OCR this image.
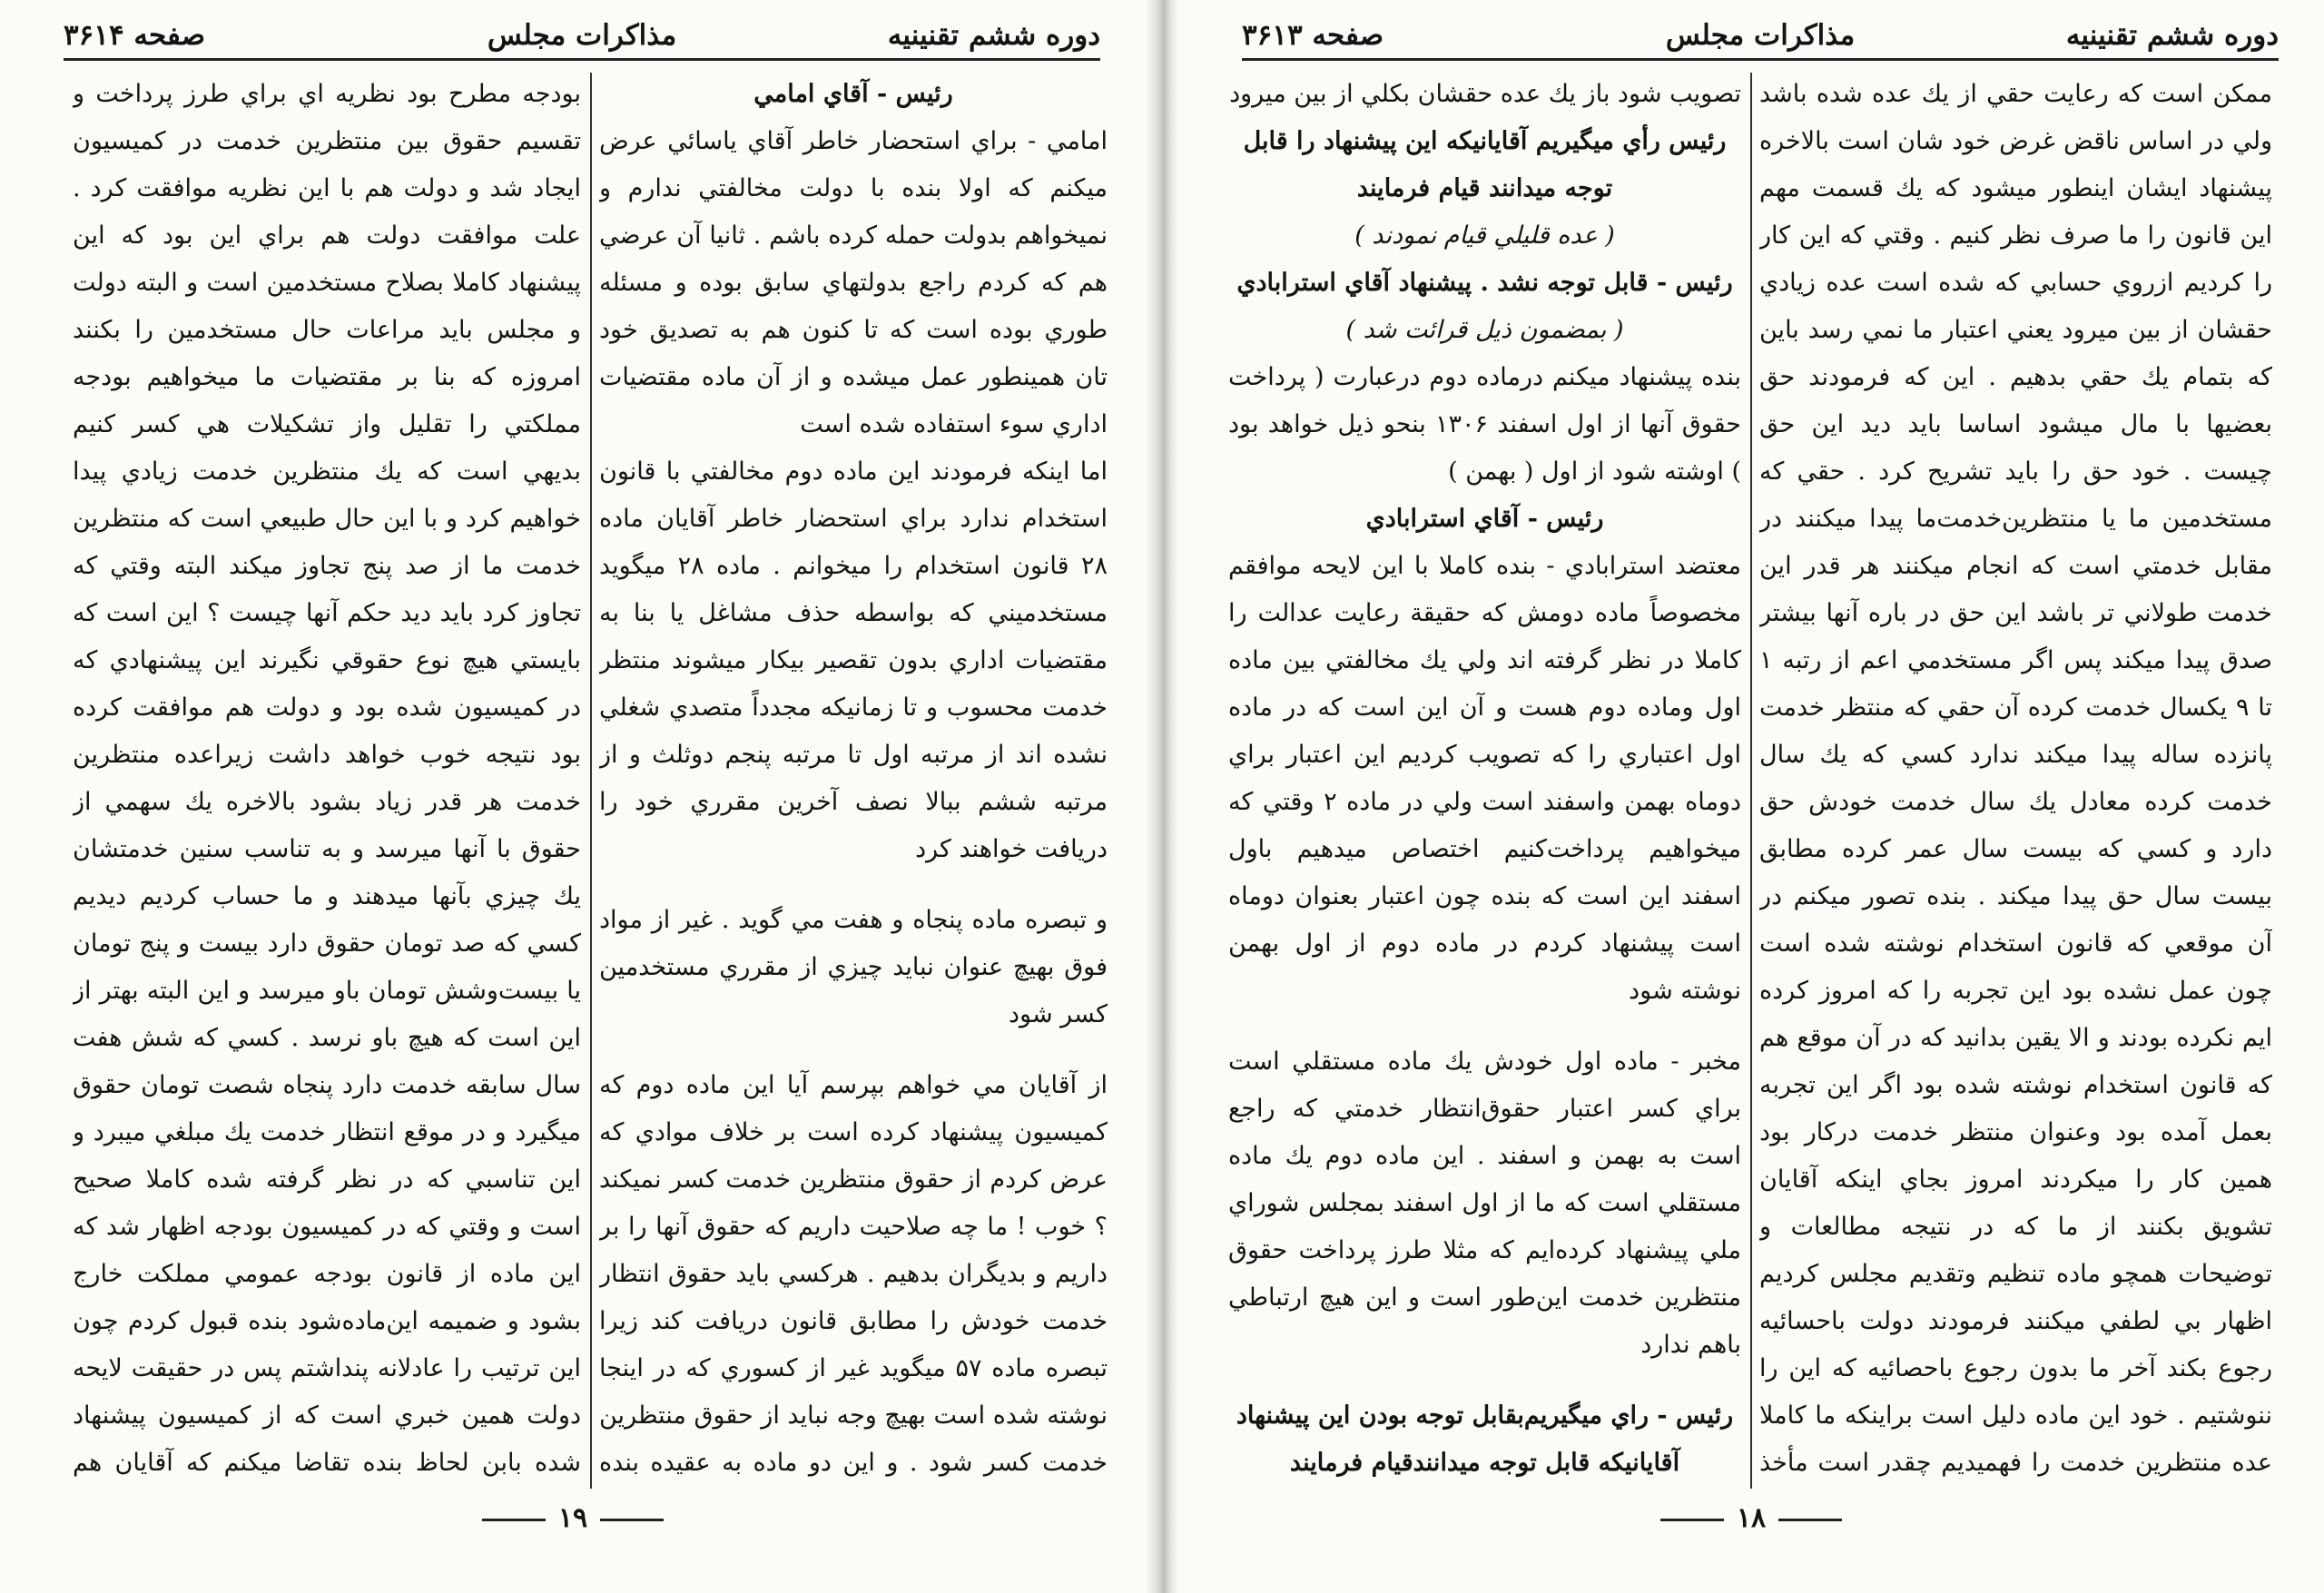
صفحه ۳۶۱۴	مذاكرات مجلس	دوره ششم تقنينيه

رئيس - آقاي امامي

امامي - براي استحضار خاطر آقاي ياسائي عرض ميكنم كه اولا بنده با دولت مخالفتي ندارم و نميخواهم بدولت حمله كرده باشم . ثانيا آن عرضي هم كه كردم راجع بدولتهاي سابق بوده و مسئله طوري بوده است كه تا كنون هم به تصديق خود تان همينطور عمل ميشده و از آن ماده مقتضيات اداري سوء استفاده شده است

اما اينكه فرمودند اين ماده دوم مخالفتي با قانون استخدام ندارد براي استحضار خاطر آقايان ماده ۲۸ قانون استخدام را ميخوانم . ماده ۲۸ ميگويد مستخدميني كه بواسطه حذف مشاغل يا بنا به مقتضيات اداري بدون تقصير بيكار ميشوند منتظر خدمت محسوب و تا زمانيكه مجدداً متصدي شغلي نشده اند از مرتبه اول تا مرتبه پنجم دوثلث و از مرتبه ششم ببالا نصف آخرين مقرري خود را دريافت خواهند كرد

و تبصره ماده پنجاه و هفت مي گويد . غير از مواد فوق بهيچ عنوان نبايد چيزي از مقرري مستخدمين كسر شود

از آقايان مي خواهم بپرسم آيا اين ماده دوم كه كميسيون پيشنهاد كرده است بر خلاف موادي كه عرض كردم از حقوق منتظرين خدمت كسر نميكند ؟ خوب ! ما چه صلاحيت داريم كه حقوق آنها را بر داريم و بديگران بدهيم . هركسي بايد حقوق انتظار خدمت خودش را مطابق قانون دريافت كند زيرا تبصره ماده ۵۷ ميگويد غير از كسوري كه در اينجا نوشته شده است بهيچ وجه نبايد از حقوق منتظرين خدمت كسر شود . و اين دو ماده به عقيده بنده

بودجه مطرح بود نظريه اي براي طرز پرداخت و تقسيم حقوق بين منتظرين خدمت در كميسيون ايجاد شد و دولت هم با اين نظريه موافقت كرد . علت موافقت دولت هم براي اين بود كه اين پيشنهاد كاملا بصلاح مستخدمين است و البته دولت و مجلس بايد مراعات حال مستخدمين را بكنند امروزه كه بنا بر مقتضيات ما ميخواهيم بودجه مملكتي را تقليل واز تشكيلات هي كسر كنيم بديهي است كه يك منتظرين خدمت زيادي پيدا خواهيم كرد و با اين حال طبيعي است كه منتظرين خدمت ما از صد پنج تجاوز ميكند البته وقتي كه تجاوز كرد بايد ديد حكم آنها چيست ؟ اين است كه بايستي هيچ نوع حقوقي نگيرند اين پيشنهادي كه در كميسيون شده بود و دولت هم موافقت كرده بود نتيجه خوب خواهد داشت زيراعده منتظرين خدمت هر قدر زياد بشود بالاخره يك سهمي از حقوق با آنها ميرسد و به تناسب سنين خدمتشان يك چيزي بآنها ميدهند و ما حساب كرديم ديديم كسي كه صد تومان حقوق دارد بيست و پنج تومان يا بيست‌وشش تومان باو ميرسد و اين البته بهتر از اين است كه هيچ باو نرسد . كسي كه شش هفت سال سابقه خدمت دارد پنجاه شصت تومان حقوق ميگيرد و در موقع انتظار خدمت يك مبلغي ميبرد و اين تناسبي كه در نظر گرفته شده كاملا صحيح است و وقتي كه در كميسيون بودجه اظهار شد كه اين ماده از قانون بودجه عمومي مملكت خارج بشود و ضميمه اين‌ماده‌شود بنده قبول كردم چون اين ترتيب را عادلانه پنداشتم پس در حقيقت لايحه دولت همين خبري است كه از كميسيون پيشنهاد شده بابن لحاظ بنده تقاضا ميكنم كه آقايان هم

۱۹
صفحه ۳۶۱۳	مذاكرات مجلس	دوره ششم تقنينيه

ممكن است كه رعايت حقي از يك عده شده باشد ولي در اساس ناقض غرض خود شان است بالاخره پيشنهاد ايشان اينطور ميشود كه يك قسمت مهم اين قانون را ما صرف نظر كنيم . وقتي كه اين كار را كرديم ازروي حسابي كه شده است عده زيادي حقشان از بين ميرود يعني اعتبار ما نمي رسد باين كه بتمام يك حقي بدهيم . اين كه فرمودند حق بعضيها با مال ميشود اساسا بايد ديد اين حق چيست . خود حق را بايد تشريح كرد . حقي كه مستخدمين ما يا منتظرين‌خدمت‌ما پيدا ميكنند در مقابل خدمتي است كه انجام ميكنند هر قدر اين خدمت طولاني تر باشد اين حق در باره آنها بيشتر صدق پيدا ميكند پس اگر مستخدمي اعم از رتبه ۱ تا ۹ يكسال خدمت كرده آن حقي كه منتظر خدمت پانزده ساله پيدا ميكند ندارد كسي كه يك سال خدمت كرده معادل يك سال خدمت خودش حق دارد و كسي كه بيست سال عمر كرده مطابق بيست سال حق پيدا ميكند . بنده تصور ميكنم در آن موقعي كه قانون استخدام نوشته شده است چون عمل نشده بود اين تجربه را كه امروز كرده ايم نكرده بودند و الا يقين بدانيد كه در آن موقع هم كه قانون استخدام نوشته شده بود اگر اين تجربه بعمل آمده بود وعنوان منتظر خدمت دركار بود همين كار را ميكردند امروز بجاي اينكه آقايان تشويق بكنند از ما كه در نتيجه مطالعات و توضيحات همچو ماده تنظيم وتقديم مجلس كرديم اظهار بي لطفي ميكنند فرمودند دولت باحسائيه رجوع بكند آخر ما بدون رجوع باحصائيه كه اين را ننوشتيم . خود اين ماده دليل است براينكه ما كاملا عده منتظرين خدمت را فهميديم چقدر است مأخذ

تصويب شود باز يك عده حقشان بكلي از بين ميرود

رئيس رأي ميگيريم آقايانيكه اين پيشنهاد را قابل توجه ميدانند قيام فرمايند

( عده قليلي قيام نمودند )

رئيس - قابل توجه نشد . پيشنهاد آقاي استرابادي

( بمضمون ذيل قرائت شد )

بنده پيشنهاد ميكنم درماده دوم درعبارت ( پرداخت حقوق آنها از اول اسفند ۱۳۰۶ بنحو ذيل خواهد بود ) اوشته شود از اول ( بهمن )

رئيس - آقاي استرابادي

معتضد استرابادي - بنده كاملا با اين لايحه موافقم مخصوصاً ماده دومش كه حقيقة رعايت عدالت را كاملا در نظر گرفته اند ولي يك مخالفتي بين ماده اول وماده دوم هست و آن اين است كه در ماده اول اعتباري را كه تصويب كرديم اين اعتبار براي دوماه بهمن واسفند است ولي در ماده ۲ وقتي كه ميخواهيم پرداخت‌كنيم اختصاص ميدهيم باول اسفند اين است كه بنده چون اعتبار بعنوان دوماه است پيشنهاد كردم در ماده دوم از اول بهمن نوشته شود

مخبر - ماده اول خودش يك ماده مستقلي است براي كسر اعتبار حقوق‌انتظار خدمتي كه راجع است به بهمن و اسفند . اين ماده دوم يك ماده مستقلي است كه ما از اول اسفند بمجلس شوراي ملي پيشنهاد كرده‌ايم كه مثلا طرز پرداخت حقوق منتظرين خدمت اين‌طور است و اين هيچ ارتباطي باهم ندارد

رئيس - راي ميگيريم‌بقابل توجه بودن اين پيشنهاد آقايانيكه قابل توجه ميدانند‌قيام فرمايند

۱۸
